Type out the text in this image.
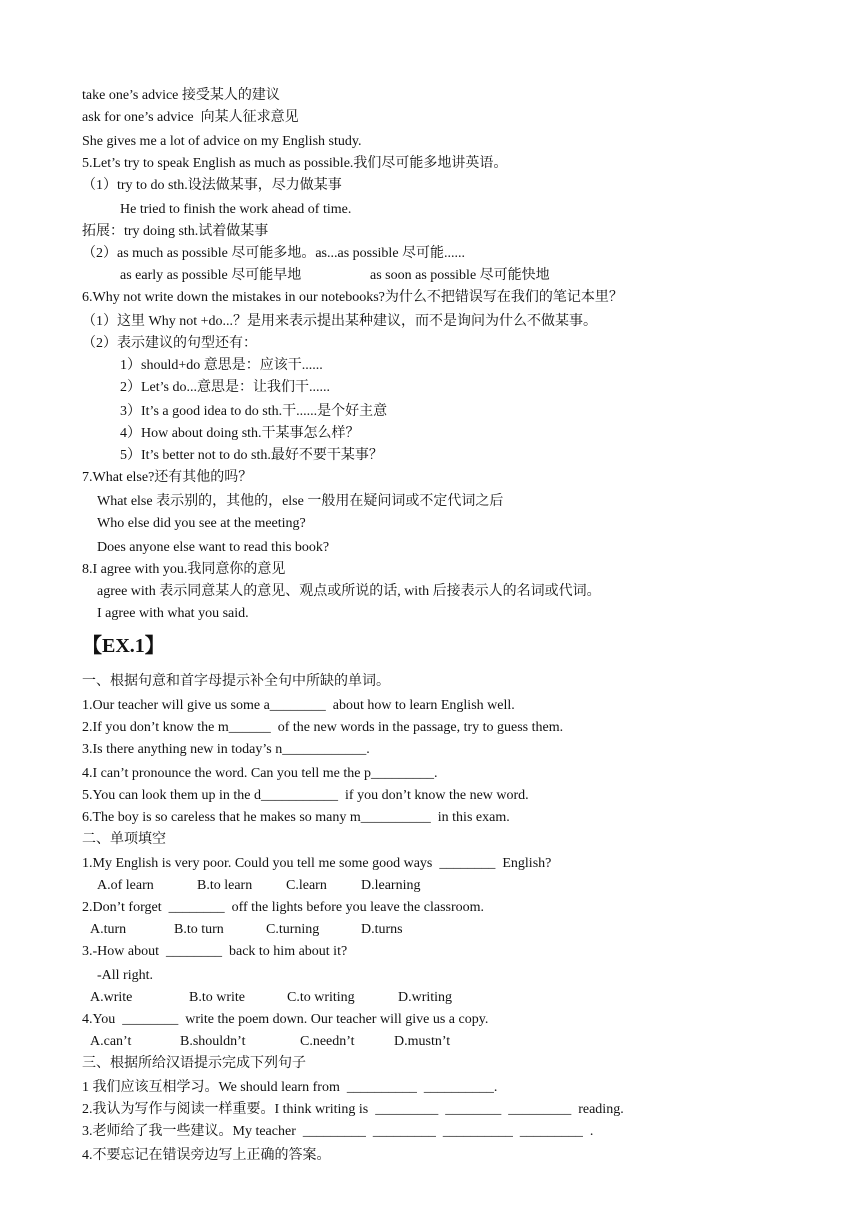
take one’s advice 接受某人的建议
ask for one’s advice  向某人征求意见
She gives me a lot of advice on my English study.
5.Let’s try to speak English as much as possible.我们尽可能多地讲英语。
（1）try to do sth.设法做某事，尽力做某事
He tried to finish the work ahead of time.
拓展：try doing sth.试着做某事
（2）as much as possible 尽可能多地。as...as possible 尽可能......
as early as possible 尽可能早地	as soon as possible 尽可能快地
6.Why not write down the mistakes in our notebooks?为什么不把错误写在我们的笔记本里？
（1）这里 Why not +do...？是用来表示提出某种建议，而不是询问为什么不做某事。
（2）表示建议的句型还有：
1）should+do 意思是：应该干......
2）Let’s do...意思是：让我们干......
3）It’s a good idea to do sth.干......是个好主意
4）How about doing sth.干某事怎么样？
5）It’s better not to do sth.最好不要干某事？
7.What else?还有其他的吗？
What else 表示别的，其他的，else 一般用在疑问词或不定代词之后
Who else did you see at the meeting?
Does anyone else want to read this book?
8.I agree with you.我同意你的意见
agree with 表示同意某人的意见、观点或所说的话, with 后接表示人的名词或代词。
I agree with what you said.
【EX.1】
一、根据句意和首字母提示补全句中所缺的单词。
1.Our teacher will give us some a________  about how to learn English well.
2.If you don’t know the m______  of the new words in the passage, try to guess them.
3.Is there anything new in today’s n____________.
4.I can’t pronounce the word. Can you tell me the p_________.
5.You can look them up in the d___________  if you don’t know the new word.
6.The boy is so careless that he makes so many m__________  in this exam.
二、单项填空
1.My English is very poor. Could you tell me some good ways  ________  English?
A.of learn	B.to learn C.learn D.learning
2.Don’t forget  ________  off the lights before you leave the classroom.
A.turn	B.to turn	C.turning	D.turns
3.-How about  ________  back to him about it?
-All right.
A.write	B.to write	C.to writing	D.writing
4.You  ________  write the poem down. Our teacher will give us a copy.
A.can’t	B.shouldn’t	C.needn’t	D.mustn’t
三、根据所给汉语提示完成下列句子
1 我们应该互相学习。We should learn from  __________  __________.
2.我认为写作与阅读一样重要。I think writing is  _________  ________  _________  reading.
3.老师给了我一些建议。My teacher  _________  _________  __________  _________  .
4.不要忘记在错误旁边写上正确的答案。
